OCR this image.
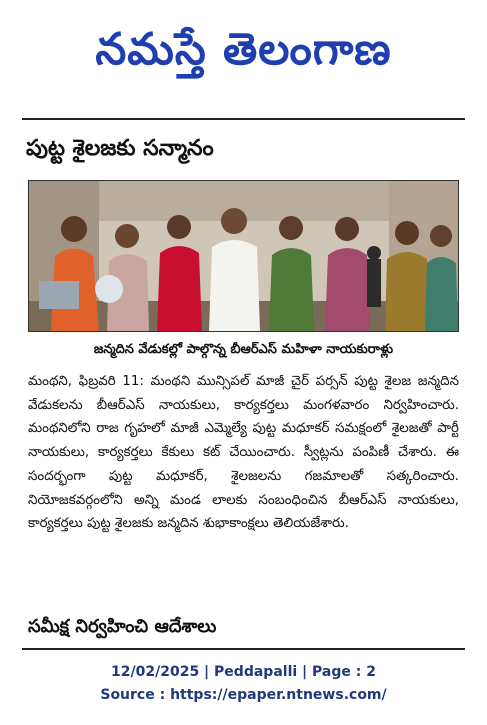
నమస్తే తెలంగాణ
పుట్ట శైలజకు సన్మానం
జన్మదిన వేడుకల్లో పాల్గొన్న బీఆర్ఎస్ మహిళా నాయకురాళ్లు
మంథని, ఫిబ్రవరి 11: మంథని మున్సిపల్ మాజీ చైర్ పర్సన్ పుట్ట శైలజ జన్మదిన వేడుకలను బీఆర్ఎస్ నాయకులు, కార్యకర్తలు మంగళవారం నిర్వహించారు. మంథనిలోని రాజ గృహలో మాజీ ఎమ్మెల్యే పుట్ట మధూకర్ సమక్షంలో శైలజతో పార్టీ నాయకులు, కార్యకర్తలు కేకులు కట్ చేయించారు. స్వీట్లను పంపిణీ చేశారు. ఈ సందర్భంగా పుట్ట మధూకర్, శైలజలను గజమాలతో సత్కరించారు. నియోజకవర్గంలోని అన్ని మండ లాలకు సంబంధించిన బీఆర్ఎస్ నాయకులు, కార్యకర్తలు పుట్ట శైలజకు జన్మదిన శుభాకాంక్షలు తెలియజేశారు.
సమీక్ష నిర్వహించి ఆదేశాలు
12/02/2025 | Peddapalli | Page : 2
Source : https://epaper.ntnews.com/
